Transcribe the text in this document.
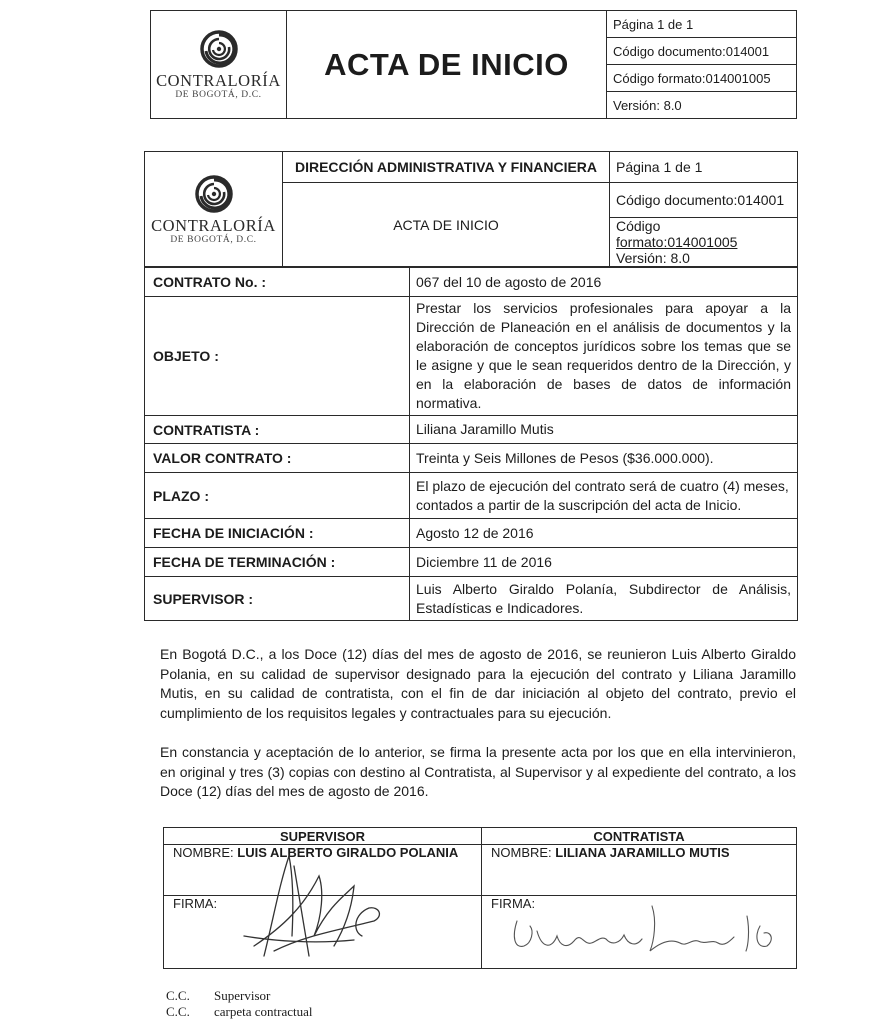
CONTRALORÍA
DE BOGOTÁ, D.C.
	ACTA DE INICIO	Página 1 de 1
Código documento:014001
Código formato:014001005
Versión: 8.0
CONTRALORÍA
DE BOGOTÁ, D.C.	DIRECCIÓN ADMINISTRATIVA Y FINANCIERA	Página 1 de 1
	ACTA DE INICIO	Código documento:014001

		Código
formato:014001005
Versión: 8.0
CONTRATO No. :	067 del 10 de agosto de 2016
OBJETO :	Prestar los servicios profesionales para apoyar a la Dirección de Planeación en el análisis de documentos y la elaboración de conceptos jurídicos sobre los temas que se le asigne y que le sean requeridos dentro de la Dirección, y en la elaboración de bases de datos de información normativa.
CONTRATISTA :	Liliana Jaramillo Mutis
VALOR CONTRATO :	Treinta y Seis Millones de Pesos ($36.000.000).
PLAZO :	El plazo de ejecución del contrato será de cuatro (4) meses, contados a partir de la suscripción del acta de Inicio.
FECHA DE INICIACIÓN :	Agosto 12 de 2016
FECHA DE TERMINACIÓN :	Diciembre 11 de 2016
SUPERVISOR :	Luis Alberto Giraldo Polanía, Subdirector de Análisis, Estadísticas e Indicadores.
En Bogotá D.C., a los Doce (12) días del mes de agosto de 2016, se reunieron Luis Alberto Giraldo Polania, en su calidad de supervisor designado para la ejecución del contrato y Liliana Jaramillo Mutis, en su calidad de contratista, con el fin de dar iniciación al objeto del contrato, previo el cumplimiento de los requisitos legales y contractuales para su ejecución.
En constancia y aceptación de lo anterior, se firma la presente acta por los que en ella intervinieron, en original y tres (3) copias con destino al Contratista, al Supervisor y al expediente del contrato, a los Doce (12) días del mes de agosto de 2016.
SUPERVISOR	CONTRATISTA
NOMBRE: LUIS ALBERTO GIRALDO POLANIA	NOMBRE: LILIANA JARAMILLO MUTIS
FIRMA:	FIRMA:
C.C. Supervisor
C.C. carpeta contractual
